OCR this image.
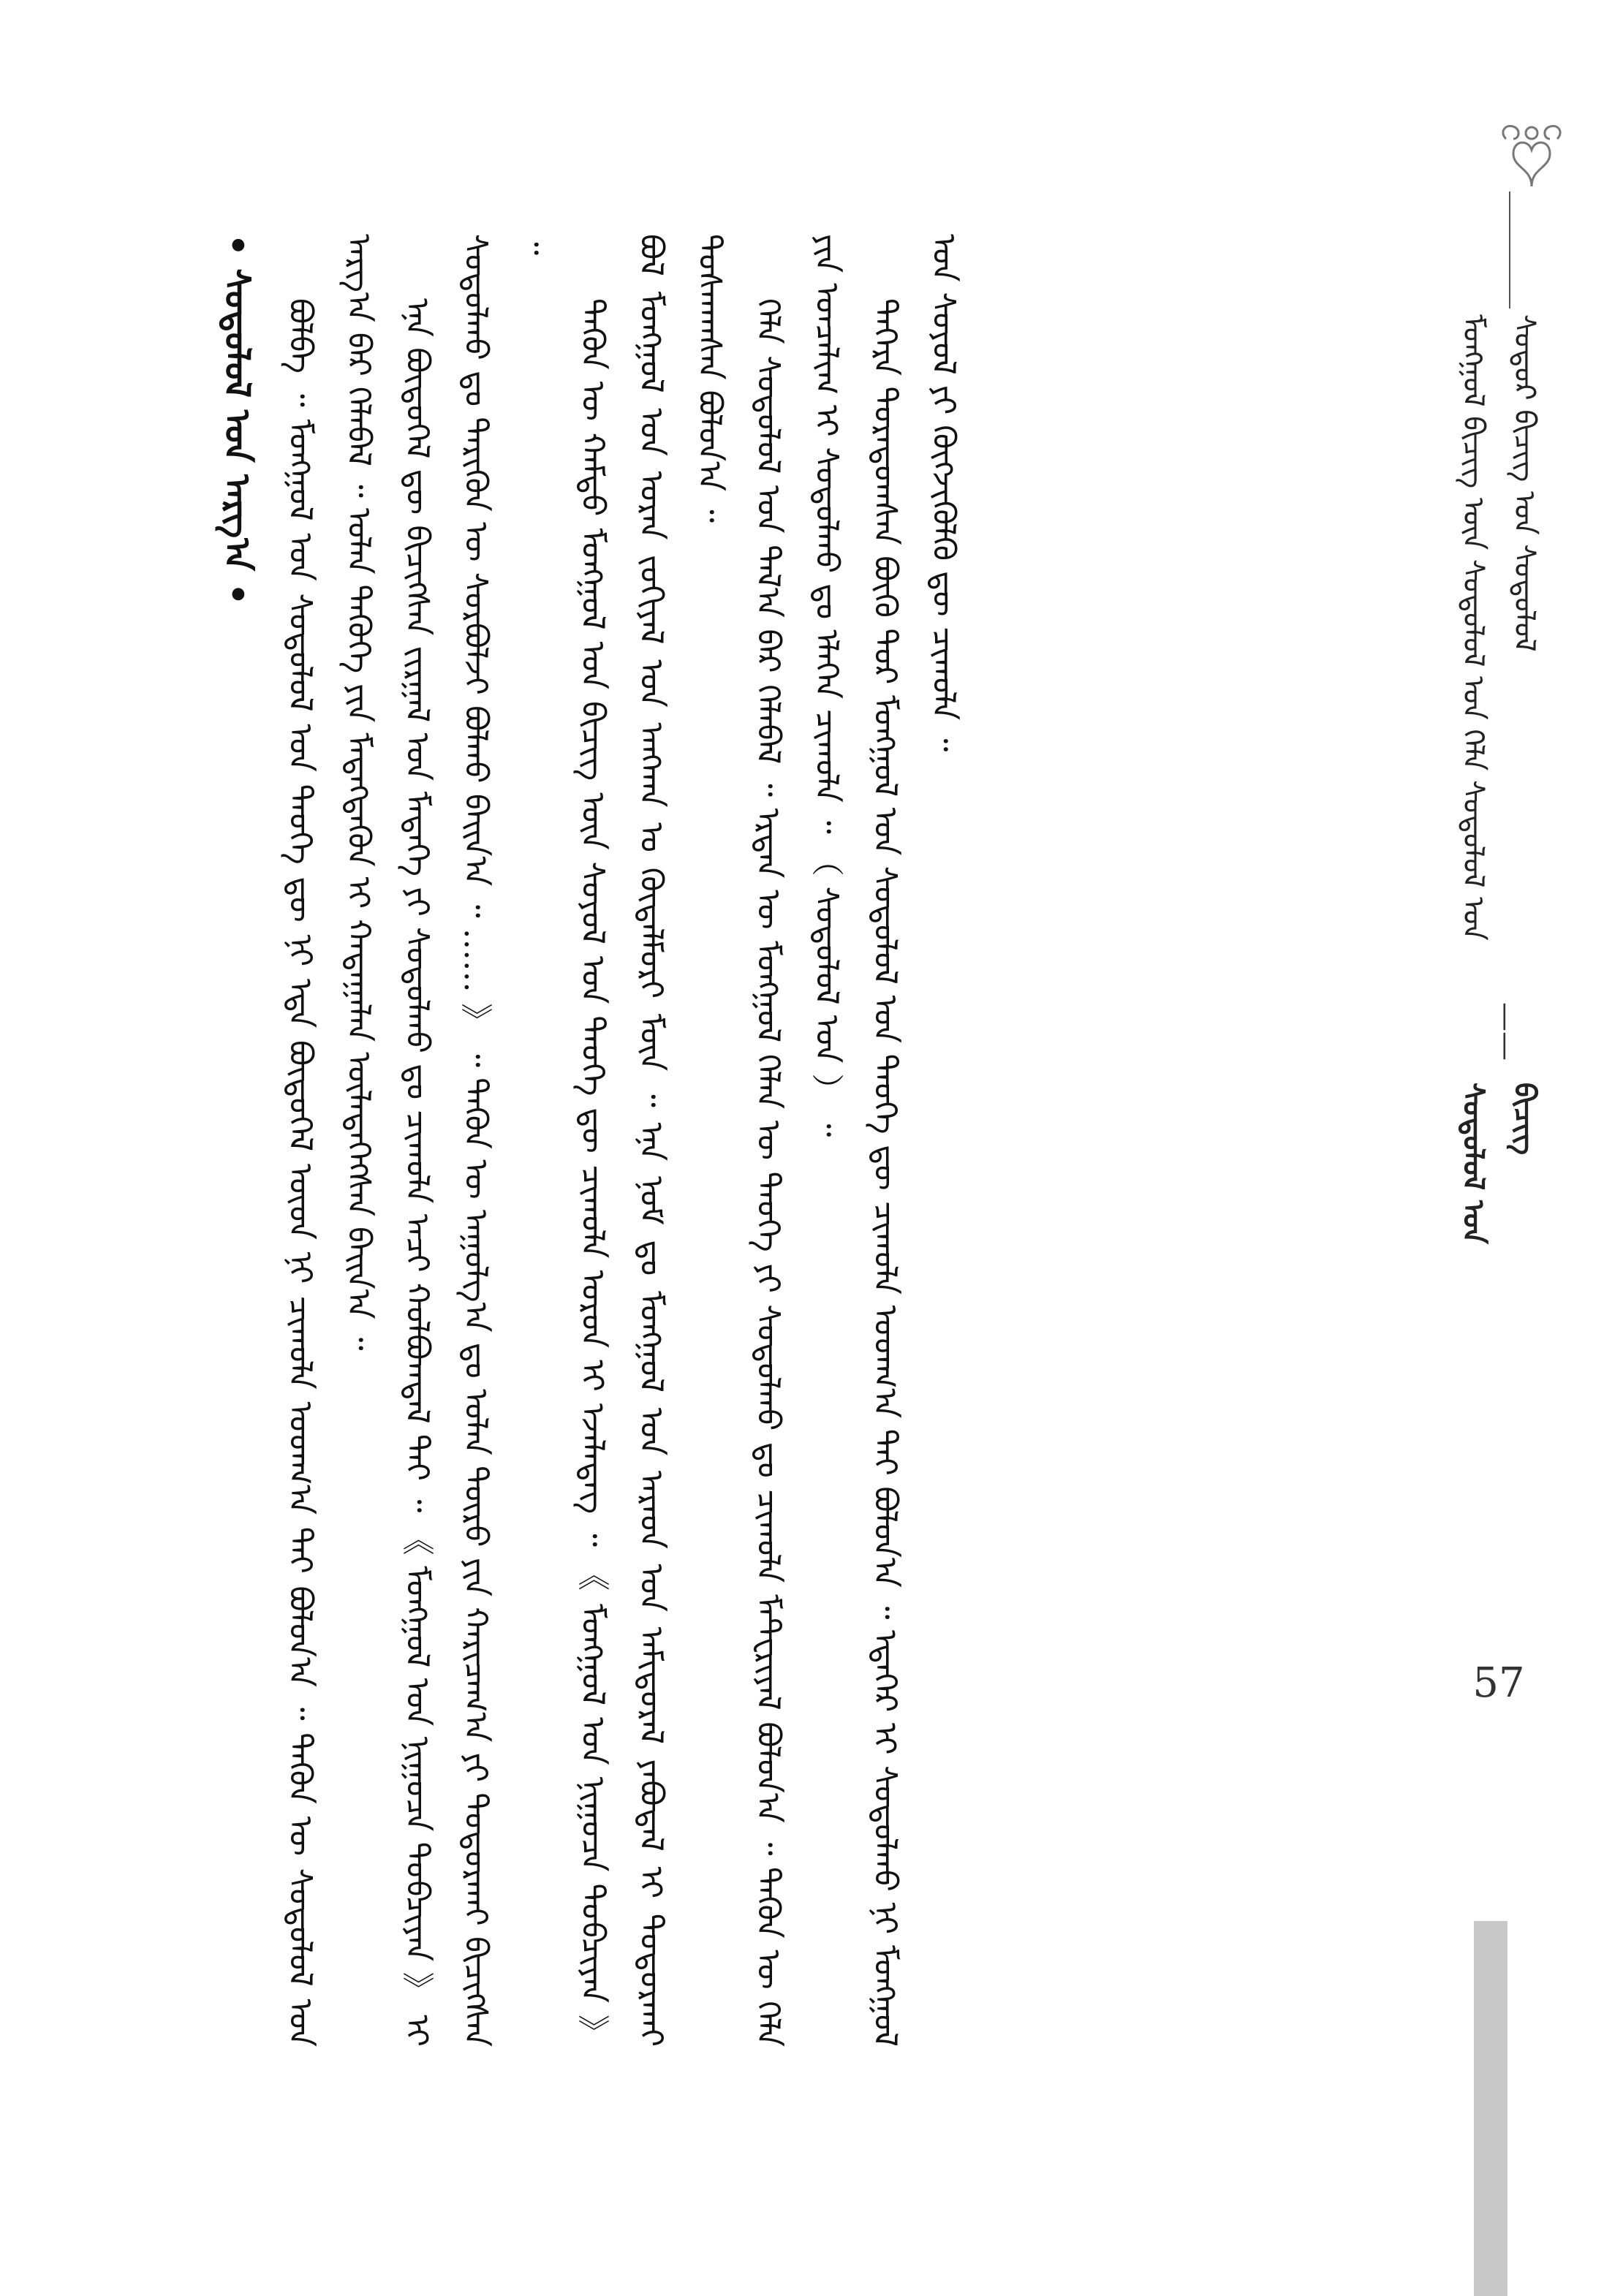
ᠮᠣᠩᠭᠣᠯ ᠪᠢᠴᠢᠭ ᠦᠨ ᠰᠤᠳᠤᠯᠤᠯ ᠤᠨ ᠬᠡᠯᠡ ᠰᠤᠳᠤᠯᠤᠯ ᠤᠨ ᠰᠣᠳᠤᠷ ᠪᠢᠴᠢᠭ ᠤᠨ ᠰᠣᠳᠤᠯᠤᠯ
——
ᠰᠤᠳᠤᠯᠤᠯ ᠤᠨ ᠪᠢᠴᠢᠭ

ᠪᠣᠯᠪᠠ ᠃ ᠮᠣᠩᠭᠣᠯ ᠤᠨ ᠰᠤᠳᠤᠯᠤᠯ ᠤᠨ ᠲᠡᠦᠬᠡ ᠳᠦ ᠨᠢ ᠡᠳᠡ ᠪᠦᠲᠦᠭᠡᠯ ᠦᠳ ᠨᠢ ᠴᠢᠬᠤᠯᠠ ᠤᠳᠬ᠎ᠠ ᠲᠠᠢ ᠪᠣᠯᠤᠨ᠎ᠠ ᠃ ᠲᠡᠭᠦᠨ ᠦ ᠰᠤᠳᠤᠯᠤᠯ ᠤᠨ ᠠᠷᠭ᠎ᠠ ᠪᠠᠷ ᠬᠡᠯᠡᠪᠡᠯ ᠃ ᠣᠯᠠᠨ ᠲᠡᠭᠦᠬᠡ ᠶᠢᠨ ᠮᠡᠳᠡᠭᠳᠡᠬᠦᠨ ᠢ ᠬᠠᠳᠠᠭᠠᠯᠠᠨ ᠦᠯᠡᠳᠡᠭᠡᠭᠰᠡᠨ ᠪᠠᠢᠨ᠎ᠠ ᠃ ᠡᠨᠡ ᠪᠦᠲᠦᠭᠡᠯ ᠳᠦ ᠪᠢᠴᠢᠭᠰᠡᠨ ᠵᠢᠷᠭᠠᠯ ᠤᠨ ᠮᠡᠳᠡᠭᠡ ᠶᠢ ᠰᠤᠳᠤᠯᠬᠤ ᠳᠤ ᠴᠢᠬᠤᠯᠠ ᠠᠴᠢ ᠬᠣᠯᠪᠣᠭᠳᠠᠯ ᠲᠠᠢ ᠃ 《 ᠮᠣᠩᠭᠣᠯ ᠤᠨ ᠨᠢᠭᠤᠴᠠ ᠲᠣᠪᠴᠢᠶᠠᠨ 》 ᠢ ᠰᠤᠳᠤᠯᠬᠤ ᠳᠤ ᠲᠡᠷᠢᠭᠦᠨ ᠦ ᠰᠤᠷᠪᠤᠯᠵᠢ ᠪᠣᠯᠬᠤ ᠪᠠᠢᠨ᠎ᠠ ᠃ …… 》 ᠃ ᠲᠡᠭᠦᠨ ᠦ ᠠᠭᠤᠯᠭ᠎ᠠ ᠳᠤ ᠣᠯᠠᠨ ᠲᠦᠷᠦ ᠶᠢᠨ ᠬᠠᠷᠢᠴᠠᠭ᠎ᠠ ᠶᠢ ᠲᠣᠳᠣᠷᠬᠠᠢ ᠪᠢᠴᠢᠭᠰᠡᠨ ᠃

ᠲᠡᠭᠦᠨ ᠦ ᠬᠠᠮᠲᠤ ᠮᠣᠩᠭᠣᠯ ᠤᠨ ᠪᠢᠴᠢᠭ ᠦᠨ ᠰᠣᠶᠣᠯ ᠤᠨ ᠲᠡᠦᠬᠡ ᠳᠦ ᠴᠢᠬᠤᠯᠠ ᠣᠷᠣᠨ ᠢ ᠡᠵᠡᠯᠡᠳᠡᠭ ᠃ 《 ᠮᠣᠩᠭᠣᠯ ᠤᠨ ᠨᠢᠭᠤᠴᠠ ᠲᠣᠪᠴᠢᠶᠠᠨ 》 ᠪᠣᠯ ᠮᠣᠩᠭᠣᠯ ᠤᠨ ᠤᠷᠠᠨ ᠵᠣᠬᠢᠶᠠᠯ ᠤᠨ ᠠᠩᠬᠠᠨ ᠤ ᠬᠦᠳᠡᠯᠮᠦᠷᠢ ᠮᠥᠨ ᠃ ᠡᠨᠡ ᠨᠣᠮ ᠳᠤ ᠮᠣᠩᠭᠣᠯ ᠤᠨ ᠠᠷᠠᠳ ᠤᠨ ᠠᠮᠢᠳᠤᠷᠠᠯ ᠶᠠᠪᠤᠳᠠᠯ ᠢ ᠲᠣᠳᠣᠷᠬᠠᠢ ᠲᠤᠰᠬᠠᠭᠰᠠᠨ ᠪᠣᠯᠤᠨ᠎ᠠ ᠃ ᠬᠡᠯᠡ ᠰᠤᠳᠤᠯᠤᠯ ᠤᠨ ᠲᠠᠯ᠎ᠠ ᠪᠠᠷ ᠬᠡᠯᠡᠪᠡᠯ ᠃ ᠡᠷᠲᠡᠨ ᠦ ᠮᠣᠩᠭᠣᠯ ᠬᠡᠯᠡᠨ ᠦ ᠲᠡᠦᠬᠡ ᠶᠢ ᠰᠤᠳᠤᠯᠬᠤ ᠳᠤ ᠴᠢᠬᠤᠯᠠ ᠮᠠᠲᠧᠷᠢᠶᠠᠯ ᠪᠣᠯᠤᠨ᠎ᠠ ᠃ ᠲᠡᠭᠦᠨ ᠦ ᠬᠡᠯᠡ ᠶᠢᠨ ᠣᠨᠴᠠᠯᠢᠭ ᠢ ᠰᠤᠳᠤᠯᠬᠤ ᠳᠤ ᠡᠯᠡᠭᠡᠨ ᠴᠢᠬᠤᠯᠠ ᠃ （ ᠰᠤᠳᠤᠯᠤᠯ ᠤᠨ ） ᠃ ᠳᠡᠭᠡᠷᠡ ᠳᠤᠷᠠᠳᠤᠭᠰᠠᠨ ᠪᠦᠬᠦ ᠳᠤᠷ ᠮᠣᠩᠭᠣᠯ ᠤᠨ ᠰᠤᠳᠤᠯᠤᠯ ᠤᠨ ᠲᠡᠦᠬᠡ ᠳᠦ ᠴᠢᠬᠤᠯᠠ ᠤᠳᠬ᠎ᠠ ᠲᠠᠢ ᠪᠣᠯᠤᠨ᠎ᠠ ᠃ ᠡᠳᠡᠭᠡᠷ ᠢ ᠰᠤᠳᠤᠯᠬᠤ ᠨᠢ ᠮᠣᠩᠭᠣᠯ ᠤᠨ ᠰᠣᠶᠣᠯ ᠶᠢ ᠬᠥᠭᠵᠢᠭᠦᠯᠬᠦ ᠳᠦ ᠴᠢᠬᠤᠯᠠ ᠃

• ᠰᠤᠳᠤᠯᠤᠯ ᠤᠨ ᠠᠷᠭ᠎ᠠ •
57
